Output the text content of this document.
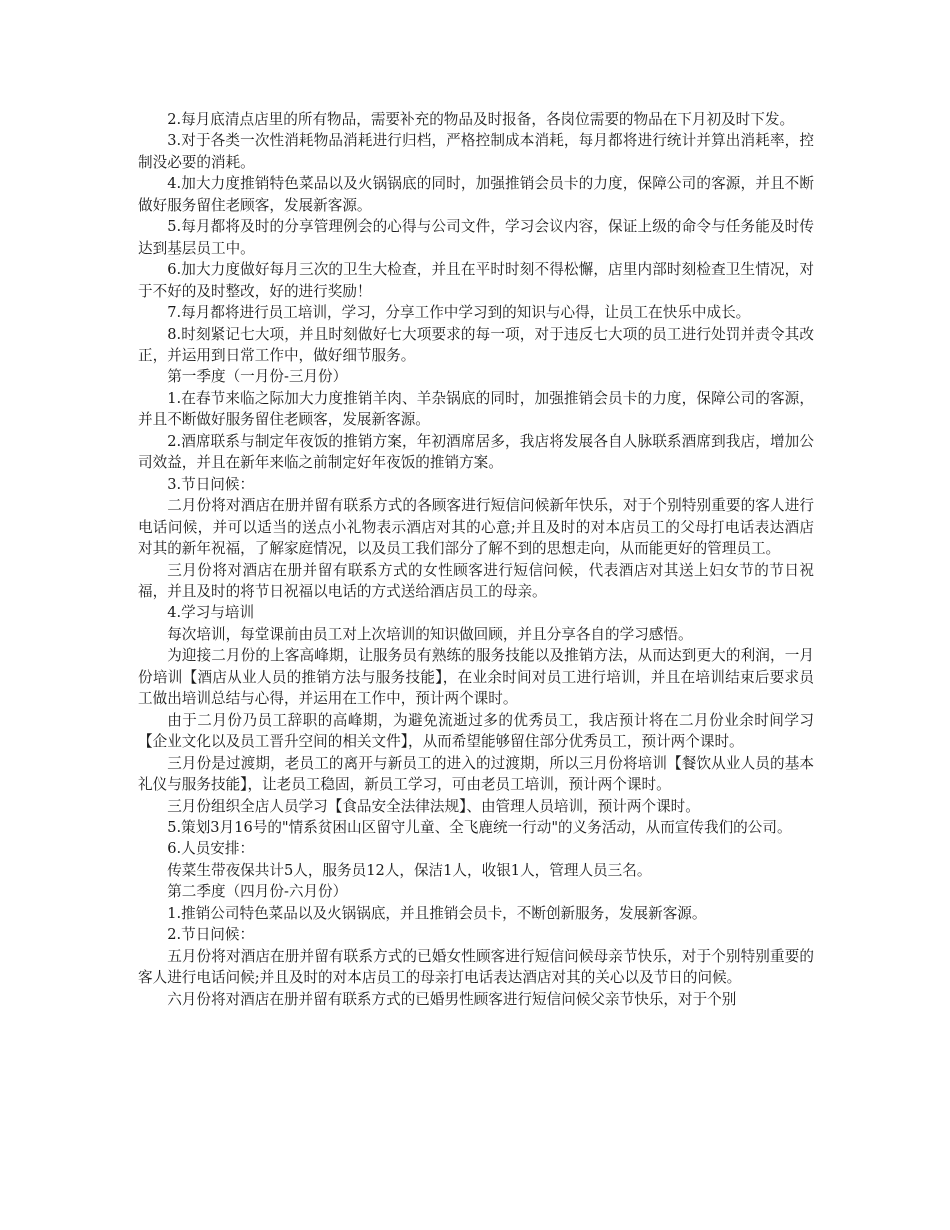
2.每月底清点店里的所有物品，需要补充的物品及时报备，各岗位需要的物品在下月初及时下发。

3.对于各类一次性消耗物品消耗进行归档，严格控制成本消耗，每月都将进行统计并算出消耗率，控制没必要的消耗。

4.加大力度推销特色菜品以及火锅锅底的同时，加强推销会员卡的力度，保障公司的客源，并且不断做好服务留住老顾客，发展新客源。

5.每月都将及时的分享管理例会的心得与公司文件，学习会议内容，保证上级的命令与任务能及时传达到基层员工中。

6.加大力度做好每月三次的卫生大检查，并且在平时时刻不得松懈，店里内部时刻检查卫生情况，对于不好的及时整改，好的进行奖励！

7.每月都将进行员工培训，学习，分享工作中学习到的知识与心得，让员工在快乐中成长。

8.时刻紧记七大项，并且时刻做好七大项要求的每一项，对于违反七大项的员工进行处罚并责令其改正，并运用到日常工作中，做好细节服务。

第一季度（一月份-三月份）

1.在春节来临之际加大力度推销羊肉、羊杂锅底的同时，加强推销会员卡的力度，保障公司的客源，并且不断做好服务留住老顾客，发展新客源。

2.酒席联系与制定年夜饭的推销方案，年初酒席居多，我店将发展各自人脉联系酒席到我店，增加公司效益，并且在新年来临之前制定好年夜饭的推销方案。

3.节日问候：

二月份将对酒店在册并留有联系方式的各顾客进行短信问候新年快乐，对于个别特别重要的客人进行电话问候，并可以适当的送点小礼物表示酒店对其的心意;并且及时的对本店员工的父母打电话表达酒店对其的新年祝福，了解家庭情况，以及员工我们部分了解不到的思想走向，从而能更好的管理员工。

三月份将对酒店在册并留有联系方式的女性顾客进行短信问候，代表酒店对其送上妇女节的节日祝福，并且及时的将节日祝福以电话的方式送给酒店员工的母亲。

4.学习与培训

每次培训，每堂课前由员工对上次培训的知识做回顾，并且分享各自的学习感悟。

为迎接二月份的上客高峰期，让服务员有熟练的服务技能以及推销方法，从而达到更大的利润，一月份培训【酒店从业人员的推销方法与服务技能】，在业余时间对员工进行培训，并且在培训结束后要求员工做出培训总结与心得，并运用在工作中，预计两个课时。

由于二月份乃员工辞职的高峰期，为避免流逝过多的优秀员工，我店预计将在二月份业余时间学习【企业文化以及员工晋升空间的相关文件】，从而希望能够留住部分优秀员工，预计两个课时。

三月份是过渡期，老员工的离开与新员工的进入的过渡期，所以三月份将培训【餐饮从业人员的基本礼仪与服务技能】，让老员工稳固，新员工学习，可由老员工培训，预计两个课时。

三月份组织全店人员学习【食品安全法律法规】、由管理人员培训，预计两个课时。

5.策划3月16号的"情系贫困山区留守儿童、全飞鹿统一行动"的义务活动，从而宣传我们的公司。

6.人员安排：

传菜生带夜保共计5人，服务员12人，保洁1人，收银1人，管理人员三名。

第二季度（四月份-六月份）

1.推销公司特色菜品以及火锅锅底，并且推销会员卡，不断创新服务，发展新客源。

2.节日问候：

五月份将对酒店在册并留有联系方式的已婚女性顾客进行短信问候母亲节快乐，对于个别特别重要的客人进行电话问候;并且及时的对本店员工的母亲打电话表达酒店对其的关心以及节日的问候。

六月份将对酒店在册并留有联系方式的已婚男性顾客进行短信问候父亲节快乐，对于个别
